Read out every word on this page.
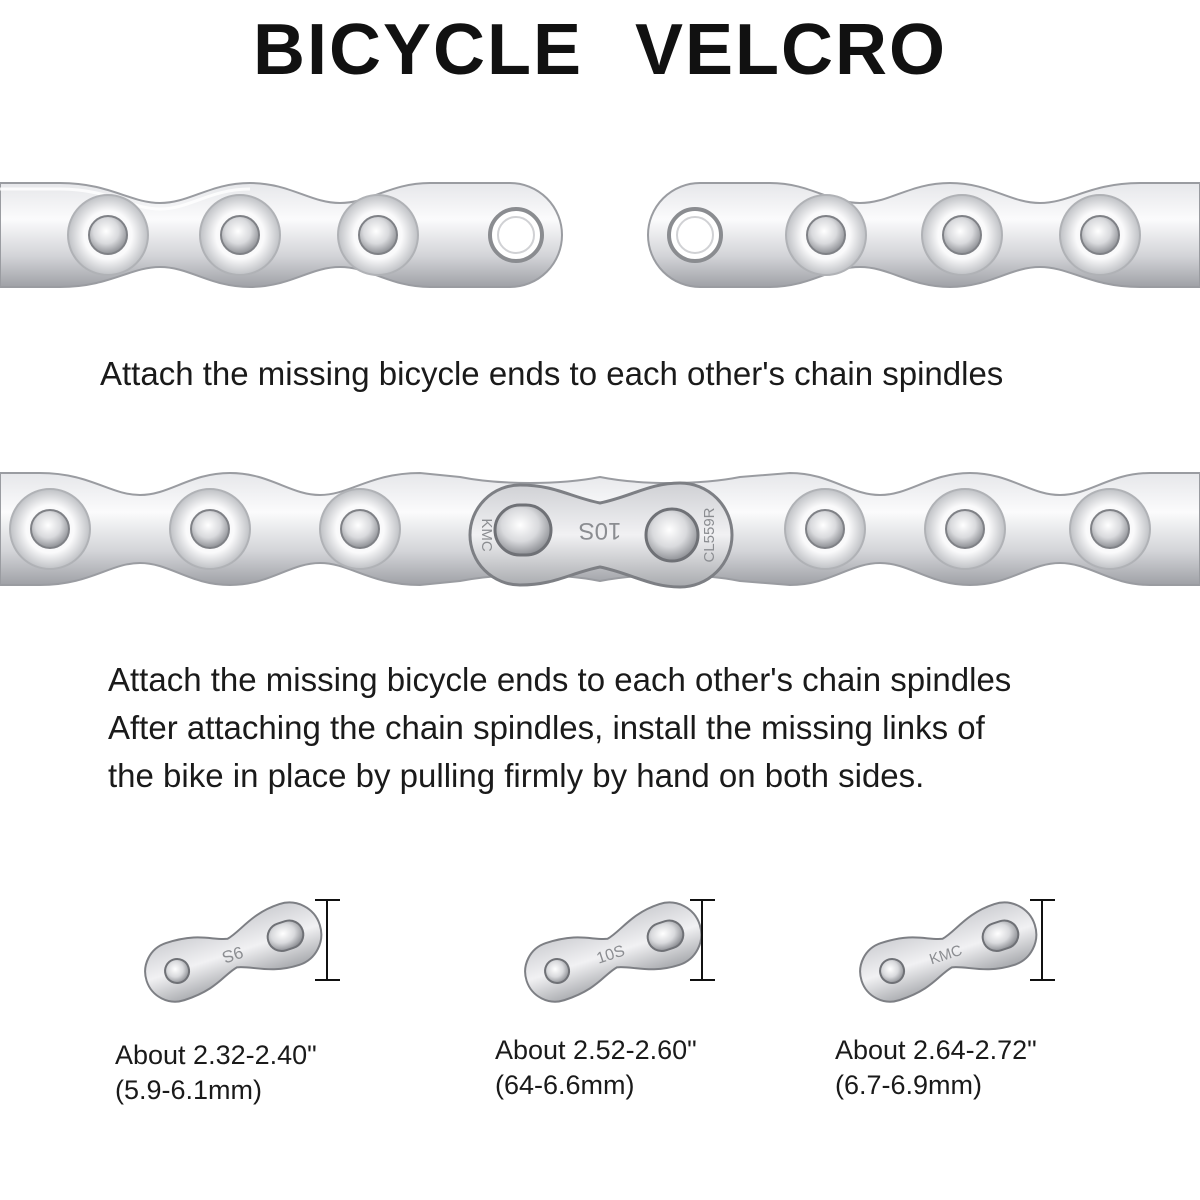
BICYCLE VELCRO
Attach the missing bicycle ends to each other's chain spindles
10S
KMC	CL559R
Attach the missing bicycle ends to each other's chain spindles
After attaching the chain spindles, install the missing links of
the bike in place by pulling firmly by hand on both sides.
9S
About 2.32-2.40"
(5.9-6.1mm)
10S
About 2.52-2.60"
(64-6.6mm)
KMC
About 2.64-2.72"
(6.7-6.9mm)
